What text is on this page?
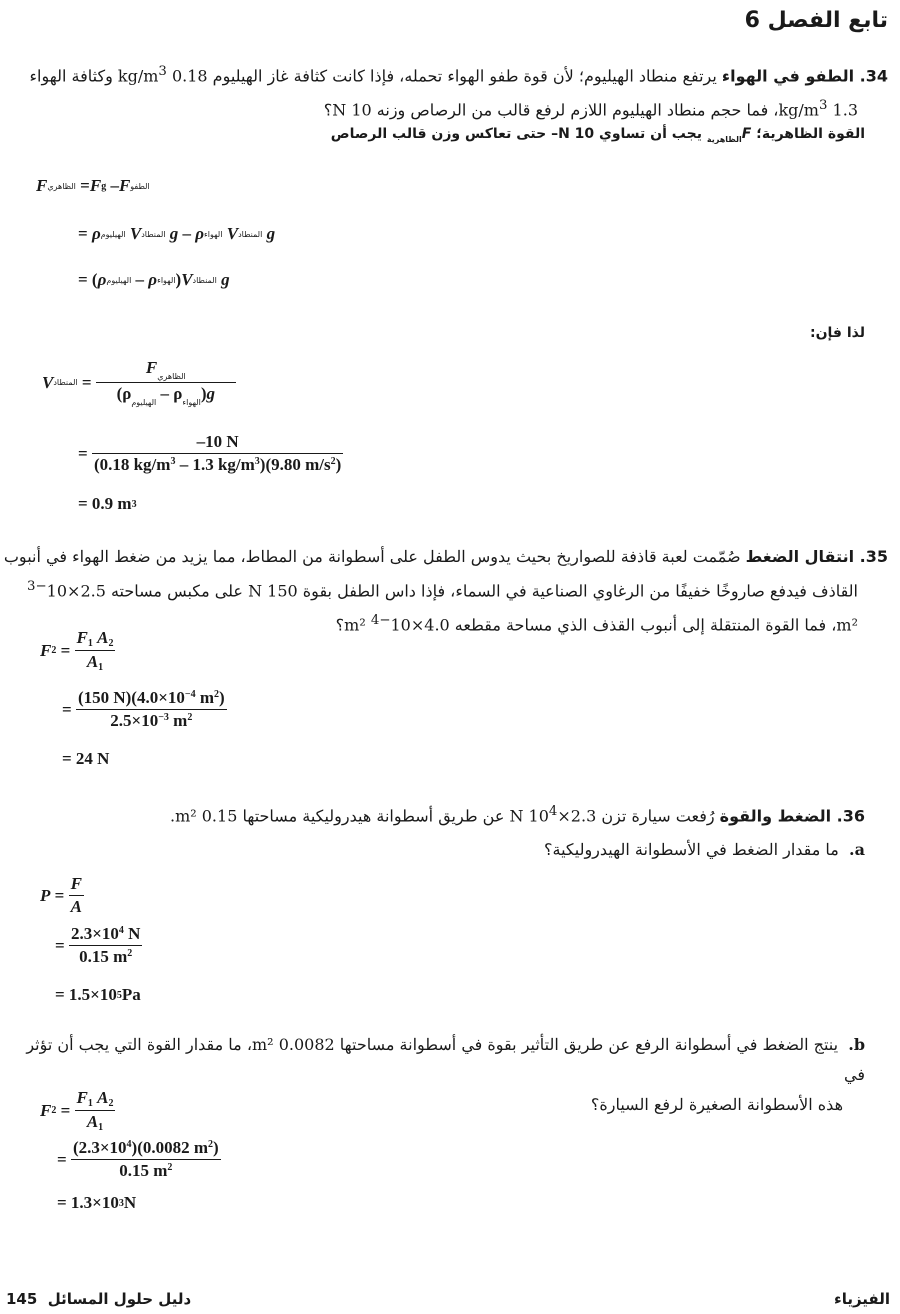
تابع الفصل 6
34. الطفو في الهواء يرتفع منطاد الهيليوم؛ لأن قوة طفو الهواء تحمله، فإذا كانت كثافة غاز الهيليوم 0.18 $kg/m^3$ وكثافة الهواء
1.3 $kg/m^3،$ فما حجم منطاد الهيليوم اللازم لرفع قالب من الرصاص وزنه 10 N؟
القوة الظاهرية؛ $F_{الظاهرية}$ يجب أن تساوي 10 N– حتى تعاكس وزن قالب الرصاص
F الظاهري = F g – F الطفو
= ρ الهيليوم
V المنطاد
g – ρ الهواء
V المنطاد
g
= ( ρ الهيليوم – ρ الهواء ) V المنطاد
g
لذا فإن:
V المنطاد = $\frac{F_{الظاهري}}{(\rho_{الهيليوم} - \rho_{الهواء})g}$
= $\frac{-10 N}{(0.18 kg/m^3 - 1.3 kg/m^3)(9.80 m/s^2)}$
= 0.9 m 3
35. انتقال الضغط صُمّمت لعبة قاذفة للصواريخ بحيث يدوس الطفل على أسطوانة من المطاط، مما يزيد من ضغط الهواء في أنبوب
القاذف فيدفع صاروخًا خفيفًا من الرغاوي الصناعية في السماء، فإذا داس الطفل بقوة 150 N على مكبس مساحته $2.5\times 10^{-3}$
m²، فما القوة المنتقلة إلى أنبوب القذف الذي مساحة مقطعه $4.0\times 10^{-4}$ m²؟
F $2 = \frac{F_1 A_2}{A_1}$
= $\frac{(150 N)(4.0\times 10^{-4} m^2)}{2.5\times 10^{-3} m^2}$
= 24 N
36. الضغط والقوة رُفعت سيارة تزن $2.3\times 10^4$ N عن طريق أسطوانة هيدروليكية مساحتها 0.15 m².
a.  ما مقدار الضغط في الأسطوانة الهيدروليكية؟
$P = \frac{F}{A}$
= $\frac{2.3\times 10^4 N}{0.15 m^2}$
= 1.5×10 5 Pa
b.  ينتج الضغط في أسطوانة الرفع عن طريق التأثير بقوة في أسطوانة مساحتها 0.0082 m²، ما مقدار القوة التي يجب أن تؤثر في
هذه الأسطوانة الصغيرة لرفع السيارة؟
F $2 = \frac{F_1 A_2}{A_1}$
= $\frac{(2.3\times 10^4)(0.0082 m^2)}{0.15 m^2}$
= 1.3×10 3 N
145 دليل حلول المسائل	الفيزياء
